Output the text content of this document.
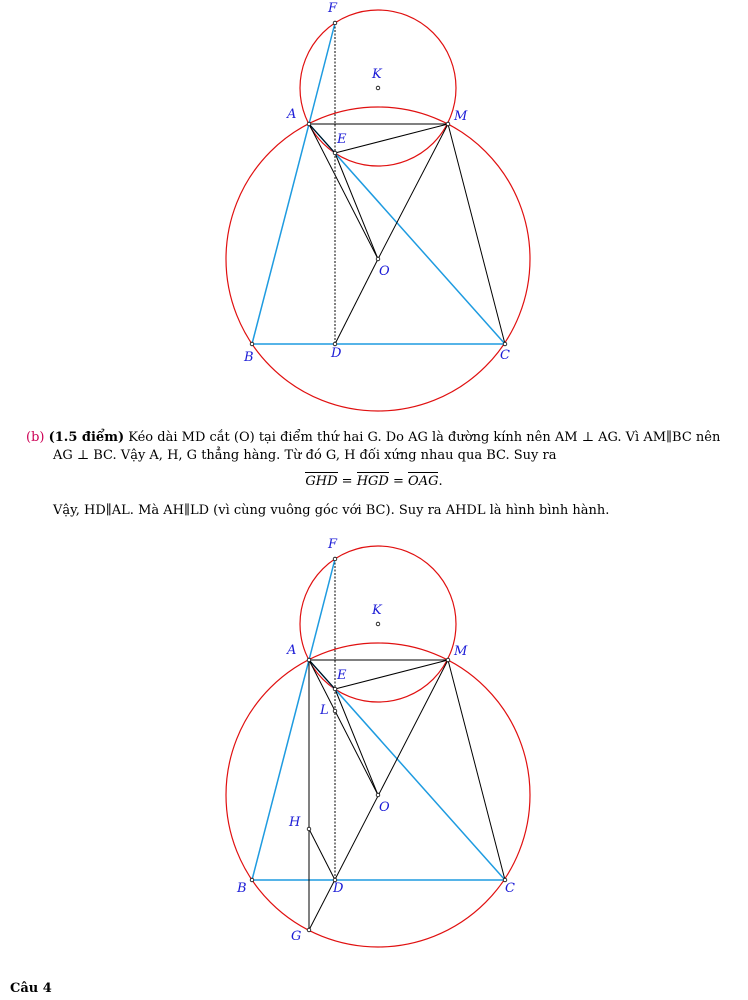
F
K
A	M
E
O
B	D	C
(b) (1.5 điểm) Kéo dài MD cắt (O) tại điểm thứ hai G. Do AG là đường kính nên AM ⊥ AG. Vì AM∥BC nên
AG ⊥ BC. Vậy A, H, G thẳng hàng. Từ đó G, H đối xứng nhau qua BC. Suy ra
GHD = HGD = OAG.
Vậy, HD∥AL. Mà AH∥LD (vì cùng vuông góc với BC). Suy ra AHDL là hình bình hành.
F
K
A	M
E
L
O
H
B	D	C
G
Câu 4
